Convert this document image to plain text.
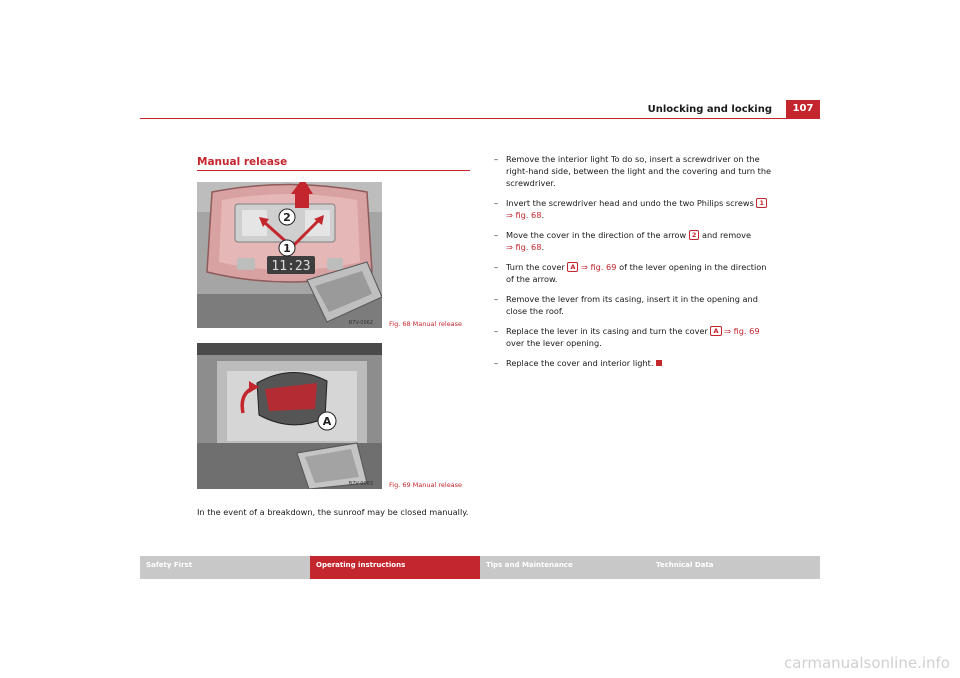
Unlocking and locking	107
Manual release
11:23
2
1
B7V-0062 Fig. 68 Manual release
A
B7V-0063 Fig. 69 Manual release
In the event of a breakdown, the sunroof may be closed manually.
– Remove the interior light To do so, insert a screwdriver on the right-hand side, between the light and the covering and turn the screwdriver.
– Invert the screwdriver head and undo the two Philips screws 1
⇒ fig. 68.
– Move the cover in the direction of the arrow 2 and remove
⇒ fig. 68.
– Turn the cover A ⇒ fig. 69 of the lever opening in the direction of the arrow.
– Remove the lever from its casing, insert it in the opening and close the roof.
– Replace the lever in its casing and turn the cover A ⇒ fig. 69 over the lever opening.
– Replace the cover and interior light.
Safety First	Operating instructions	Tips and Maintenance	Technical Data
carmanualsonline.info
